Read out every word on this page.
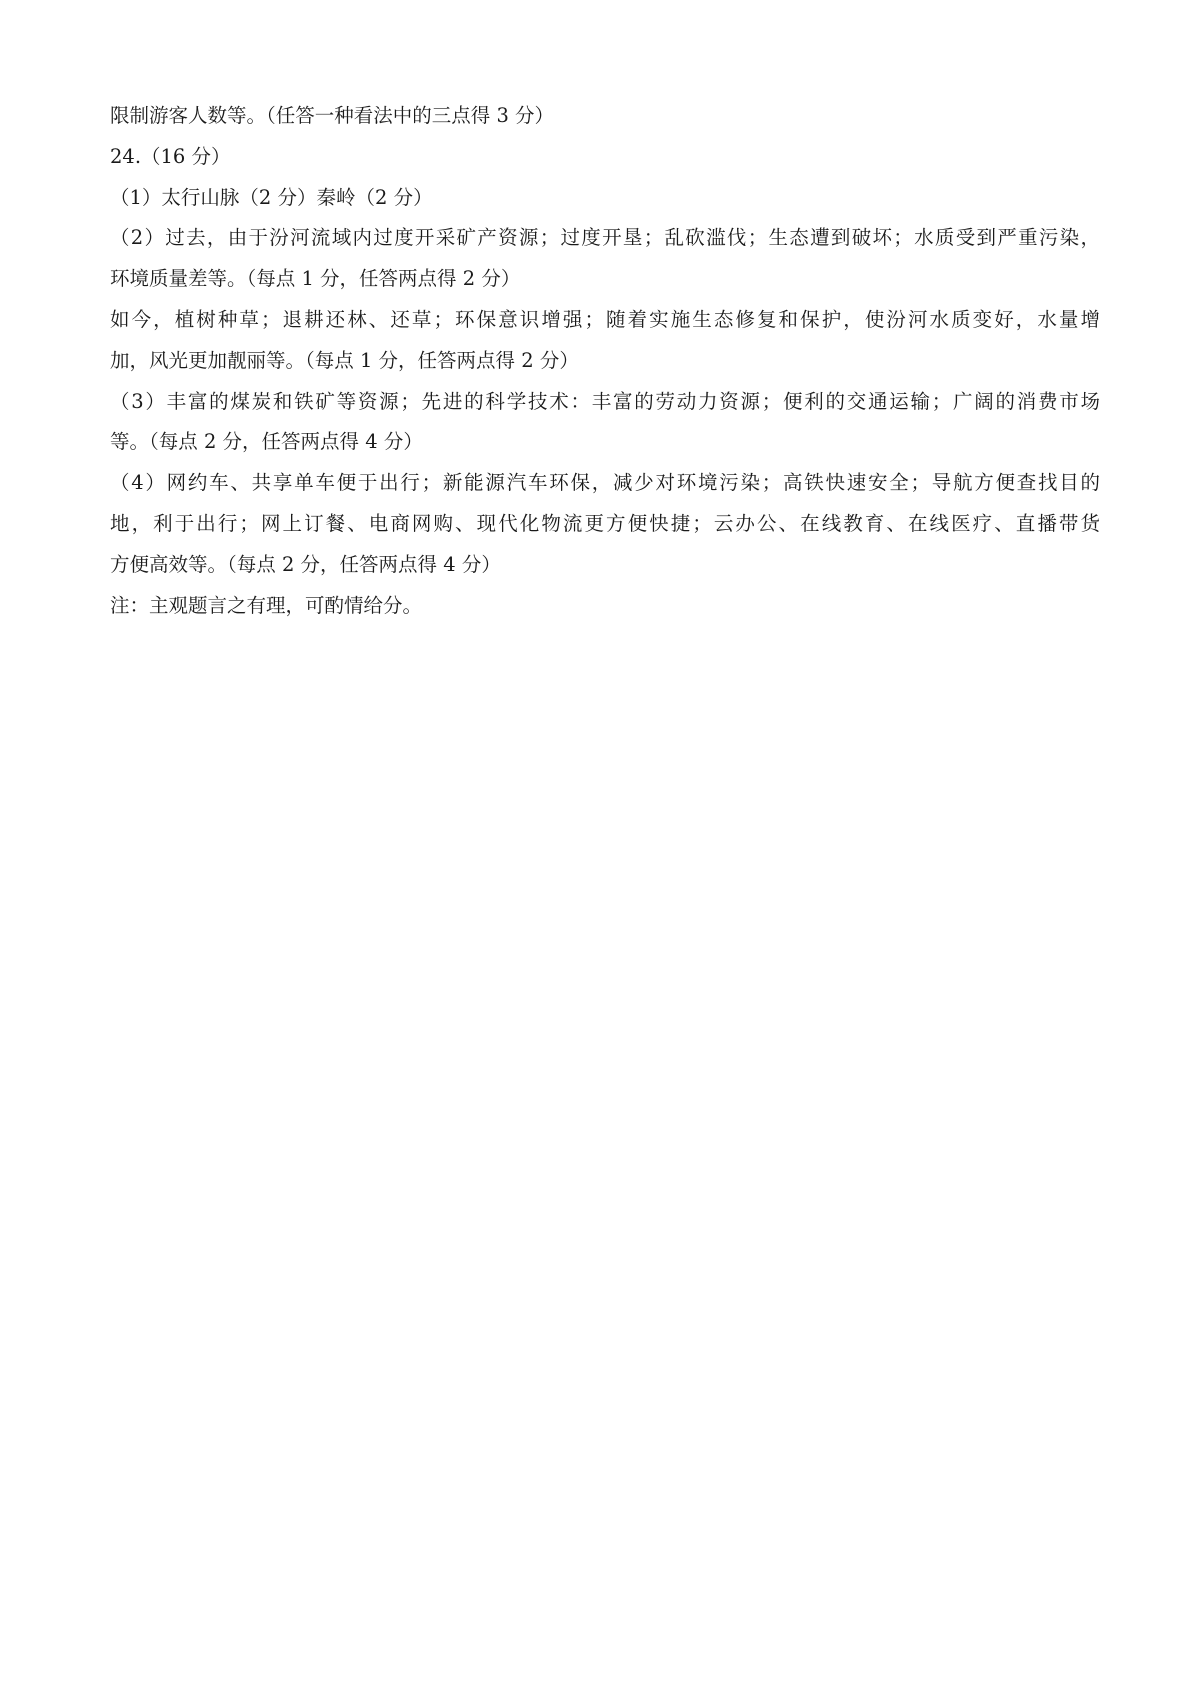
限制游客人数等。（任答一种看法中的三点得 3 分）
24.（16 分）
（1）太行山脉（2 分）秦岭（2 分）
（2）过去，由于汾河流域内过度开采矿产资源；过度开垦；乱砍滥伐；生态遭到破坏；水质受到严重污染，
环境质量差等。（每点 1 分，任答两点得 2 分）
如今，植树种草；退耕还林、还草；环保意识增强；随着实施生态修复和保护，使汾河水质变好，水量增
加，风光更加靓丽等。（每点 1 分，任答两点得 2 分）
（3）丰富的煤炭和铁矿等资源；先进的科学技术：丰富的劳动力资源；便利的交通运输；广阔的消费市场
等。（每点 2 分，任答两点得 4 分）
（4）网约车、共享单车便于出行；新能源汽车环保，减少对环境污染；高铁快速安全；导航方便查找目的
地，利于出行；网上订餐、电商网购、现代化物流更方便快捷；云办公、在线教育、在线医疗、直播带货
方便高效等。（每点 2 分，任答两点得 4 分）
注：主观题言之有理，可酌情给分。
